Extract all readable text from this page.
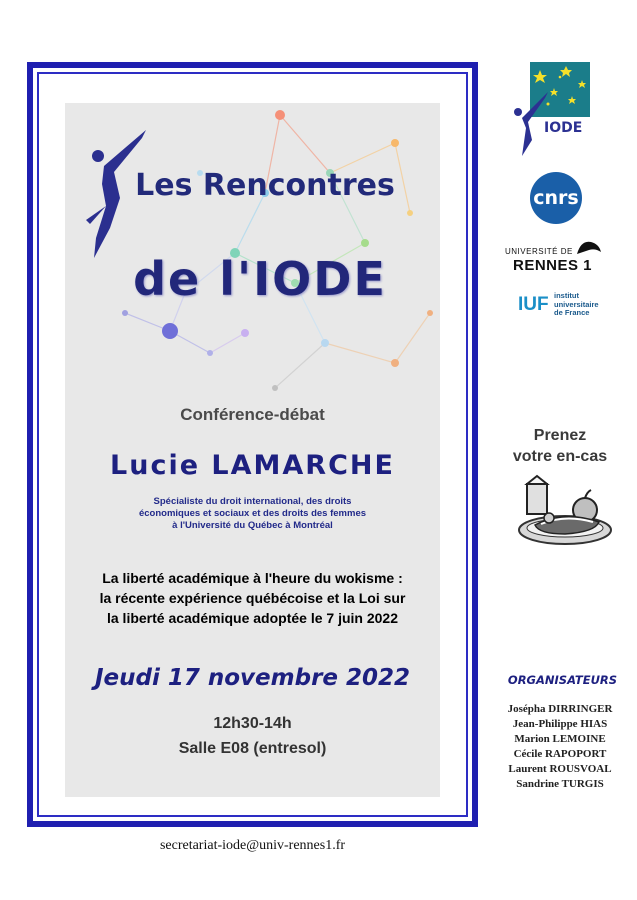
Les Rencontres
de l'IODE
Conférence-débat
Lucie LAMARCHE
Spécialiste du droit international, des droits
économiques et sociaux et des droits des femmes
à l'Université du Québec à Montréal
La liberté académique à l'heure du wokisme :
la récente expérience québécoise et la Loi sur
la liberté académique adoptée le 7 juin 2022
Jeudi 17 novembre 2022
12h30-14h
Salle E08 (entresol)
secretariat-iode@univ-rennes1.fr
IODE
cnrs
UNIVERSITÉ DE
RENNES 1
IUF institut
universitaire
de France
Prenez
votre en-cas
ORGANISATEURS
Josépha DIRRINGER
Jean-Philippe HIAS
Marion LEMOINE
Cécile RAPOPORT
Laurent ROUSVOAL
Sandrine TURGIS
